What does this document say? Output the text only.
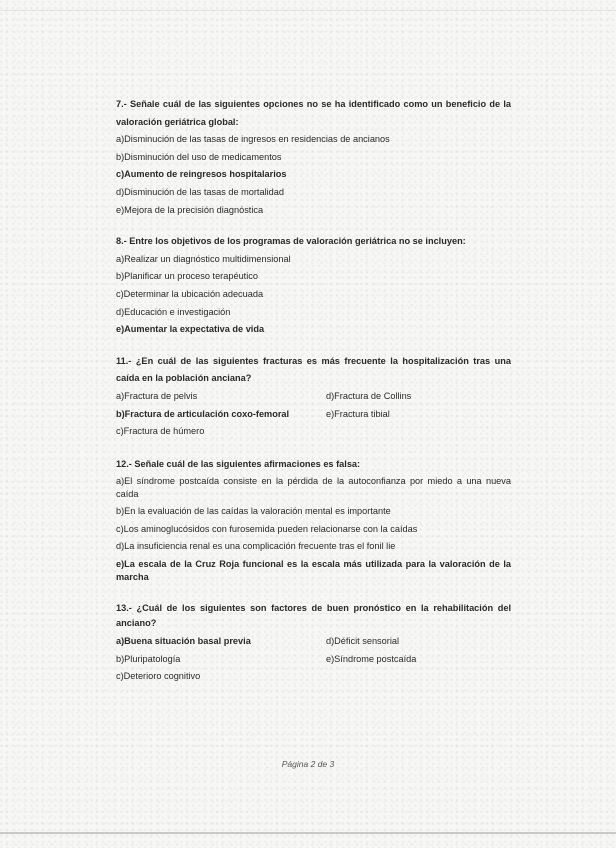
7.- Señale cuál de las siguientes opciones no se ha identificado como un beneficio de la valoración geriátrica global:
a)Disminución de las tasas de ingresos en residencias de ancianos
b)Disminución del uso de medicamentos
c)Aumento de reingresos hospitalarios
d)Disminución de las tasas de mortalidad
e)Mejora de la precisión diagnóstica
8.- Entre los objetivos de los programas de valoración geriátrica no se incluyen:
a)Realizar un diagnóstico multidimensional
b)Planificar un proceso terapéutico
c)Determinar la ubicación adecuada
d)Educación e investigación
e)Aumentar la expectativa de vida
11.- ¿En cuál de las siguientes fracturas es más frecuente la hospitalización tras una caída en la población anciana?
a)Fractura de pelvis	d)Fractura de Collins
b)Fractura de articulación coxo-femoral	e)Fractura tibial
c)Fractura de húmero
12.- Señale cuál de las siguientes afirmaciones es falsa:
a)El síndrome postcaída consiste en la pérdida de la autoconfianza por miedo a una nueva caída
b)En la evaluación de las caídas la valoración mental es importante
c)Los aminoglucósidos con furosemida pueden relacionarse con la caídas
d)La insuficiencia renal es una complicación frecuente tras el fonil lie
e)La escala de la Cruz Roja funcional es la escala más utilizada para la valoración de la marcha
13.- ¿Cuál de los siguientes son factores de buen pronóstico en la rehabilitación del anciano?
a)Buena situación basal previa	d)Déficit sensorial
b)Pluripatología	e)Síndrome postcaída
c)Deterioro cognitivo
Página 2 de 3
